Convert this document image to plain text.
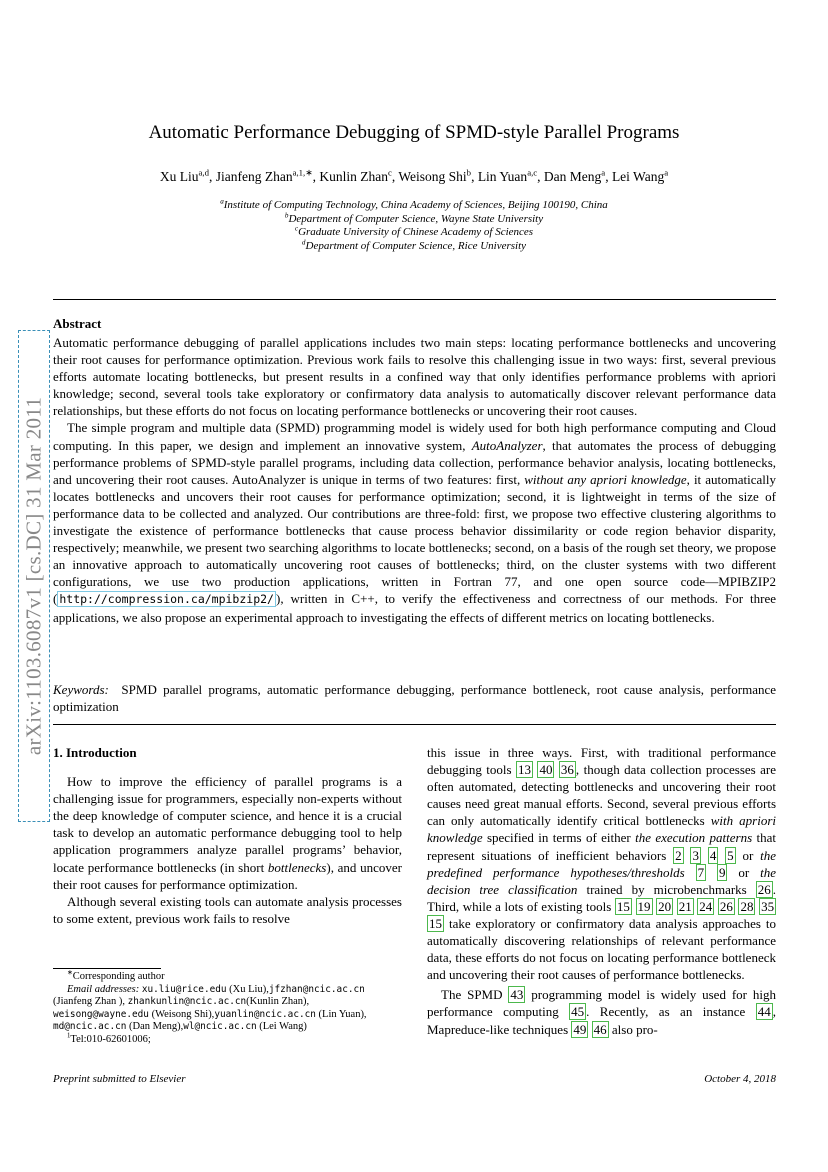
arXiv:1103.6087v1 [cs.DC] 31 Mar 2011
Automatic Performance Debugging of SPMD-style Parallel Programs
Xu Liu$^{a,d}$, Jianfeng Zhan$^{a,1,∗}$, Kunlin Zhan$^c$, Weisong Shi$^b$, Lin Yuan$^{a,c}$, Dan Meng$^a$, Lei Wang$^a$
$^a$Institute of Computing Technology, China Academy of Sciences, Beijing 100190, China
$^b$Department of Computer Science, Wayne State University
$^c$Graduate University of Chinese Academy of Sciences
$^d$Department of Computer Science, Rice University
Abstract

Automatic performance debugging of parallel applications includes two main steps: locating performance bottlenecks and uncovering their root causes for performance optimization. Previous work fails to resolve this challenging issue in two ways: first, several previous efforts automate locating bottlenecks, but present results in a confined way that only identifies performance problems with apriori knowledge; second, several tools take exploratory or confirmatory data analysis to automatically discover relevant performance data relationships, but these efforts do not focus on locating performance bottlenecks or uncovering their root causes.

The simple program and multiple data (SPMD) programming model is widely used for both high performance computing and Cloud computing. In this paper, we design and implement an innovative system, AutoAnalyzer, that automates the process of debugging performance problems of SPMD-style parallel programs, including data collection, performance behavior analysis, locating bottlenecks, and uncovering their root causes. AutoAnalyzer is unique in terms of two features: first, without any apriori knowledge, it automatically locates bottlenecks and uncovers their root causes for performance optimization; second, it is lightweight in terms of the size of performance data to be collected and analyzed. Our contributions are three-fold: first, we propose two effective clustering algorithms to investigate the existence of performance bottlenecks that cause process behavior dissimilarity or code region behavior disparity, respectively; meanwhile, we present two searching algorithms to locate bottlenecks; second, on a basis of the rough set theory, we propose an innovative approach to automatically uncovering root causes of bottlenecks; third, on the cluster systems with two different configurations, we use two production applications, written in Fortran 77, and one open source code—MPIBZIP2 ( http://compression.ca/mpibzip2/ ), written in C++, to verify the effectiveness and correctness of our methods. For three applications, we also propose an experimental approach to investigating the effects of different metrics on locating bottlenecks.

Keywords: SPMD parallel programs, automatic performance debugging, performance bottleneck, root cause analysis, performance optimization
1. Introduction

How to improve the efficiency of parallel programs is a challenging issue for programmers, especially non-experts without the deep knowledge of computer science, and hence it is a crucial task to develop an automatic performance debugging tool to help application programmers analyze parallel programs’ behavior, locate performance bottlenecks (in short bottlenecks), and uncover their root causes for performance optimization.

Although several existing tools can automate analysis processes to some extent, previous work fails to resolve

∗Corresponding author
Email addresses: xu.liu@rice.edu (Xu Liu),jfzhan@ncic.ac.cn (Jianfeng Zhan ), zhankunlin@ncic.ac.cn(Kunlin Zhan), weisong@wayne.edu (Weisong Shi),yuanlin@ncic.ac.cn (Lin Yuan), md@ncic.ac.cn (Dan Meng),wl@ncic.ac.cn (Lei Wang)
$^1$Tel:010-62601006;

this issue in three ways. First, with traditional performance debugging tools 13 40 36 , though data collection processes are often automated, detecting bottlenecks and uncovering their root causes need great manual efforts. Second, several previous efforts can only automatically identify critical bottlenecks with apriori knowledge specified in terms of either the execution patterns that represent situations of inefficient behaviors 2 3 4 5 or the predefined performance hypotheses/thresholds 7 9 or the decision tree classification trained by microbenchmarks 26 . Third, while a lots of existing tools 15 19 20 21 24 26 28 35 15 take exploratory or confirmatory data analysis approaches to automatically discovering relationships of relevant performance data, these efforts do not focus on locating performance bottleneck and uncovering their root causes of performance bottlenecks.

The SPMD 43 programming model is widely used for high performance computing 45 . Recently, as an instance 44 , Mapreduce-like techniques 49 46 also pro-

Preprint submitted to Elsevier	October 4, 2018
